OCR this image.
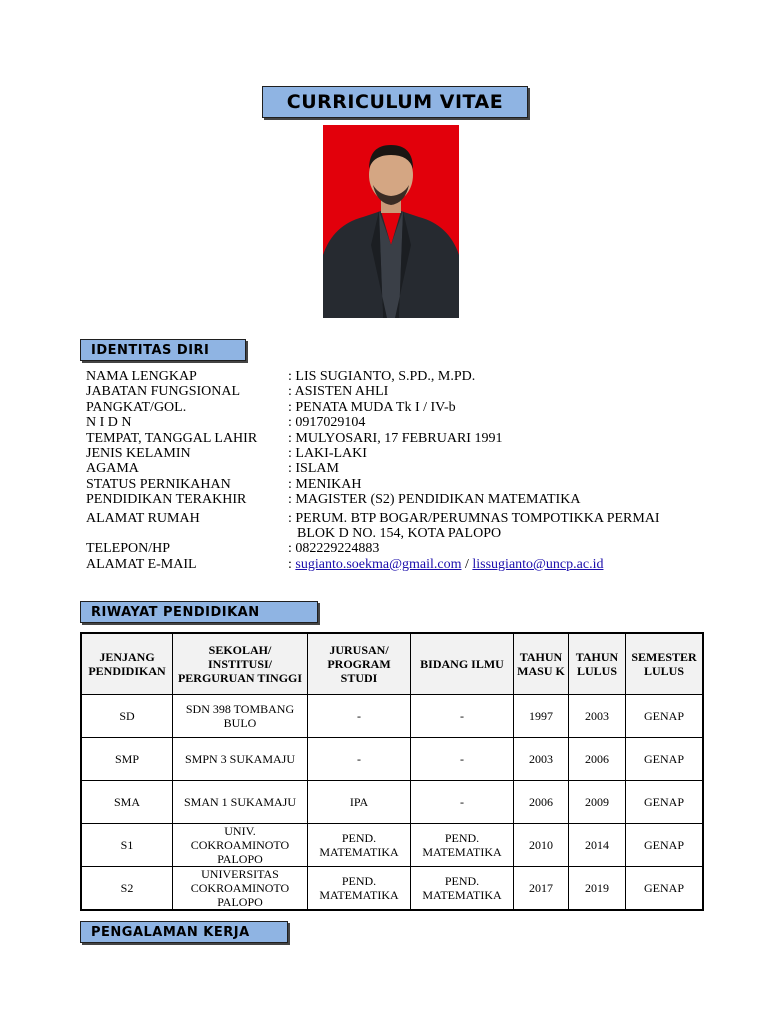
CURRICULUM VITAE
IDENTITAS DIRI
NAMA LENGKAP	: LIS SUGIANTO, S.PD., M.PD.
JABATAN FUNGSIONAL	: ASISTEN AHLI
PANGKAT/GOL.	: PENATA MUDA Tk I / IV-b
N I D N	: 0917029104
TEMPAT, TANGGAL LAHIR	: MULYOSARI, 17 FEBRUARI 1991
JENIS KELAMIN	: LAKI-LAKI
AGAMA	: ISLAM
STATUS PERNIKAHAN	: MENIKAH
PENDIDIKAN TERAKHIR	: MAGISTER (S2) PENDIDIKAN MATEMATIKA
ALAMAT RUMAH	: PERUM. BTP BOGAR/PERUMNAS TOMPOTIKKA PERMAI
BLOK D NO. 154, KOTA PALOPO
TELEPON/HP	: 082229224883
ALAMAT E-MAIL	: sugianto.soekma@gmail.com / lissugianto@uncp.ac.id
RIWAYAT PENDIDIKAN
JENJANG PENDIDIKAN	SEKOLAH/ INSTITUSI/ PERGURUAN TINGGI	JURUSAN/ PROGRAM STUDI	BIDANG ILMU	TAHUN MASU K	TAHUN LULUS	SEMESTER LULUS
SD	SDN 398 TOMBANG BULO	-	-	1997	2003	GENAP
SMP	SMPN 3 SUKAMAJU	-	-	2003	2006	GENAP
SMA	SMAN 1 SUKAMAJU	IPA	-	2006	2009	GENAP
S1	UNIV. COKROAMINOTO PALOPO	PEND. MATEMATIKA	PEND. MATEMATIKA	2010	2014	GENAP
S2	UNIVERSITAS COKROAMINOTO PALOPO	PEND. MATEMATIKA	PEND. MATEMATIKA	2017	2019	GENAP
PENGALAMAN KERJA
